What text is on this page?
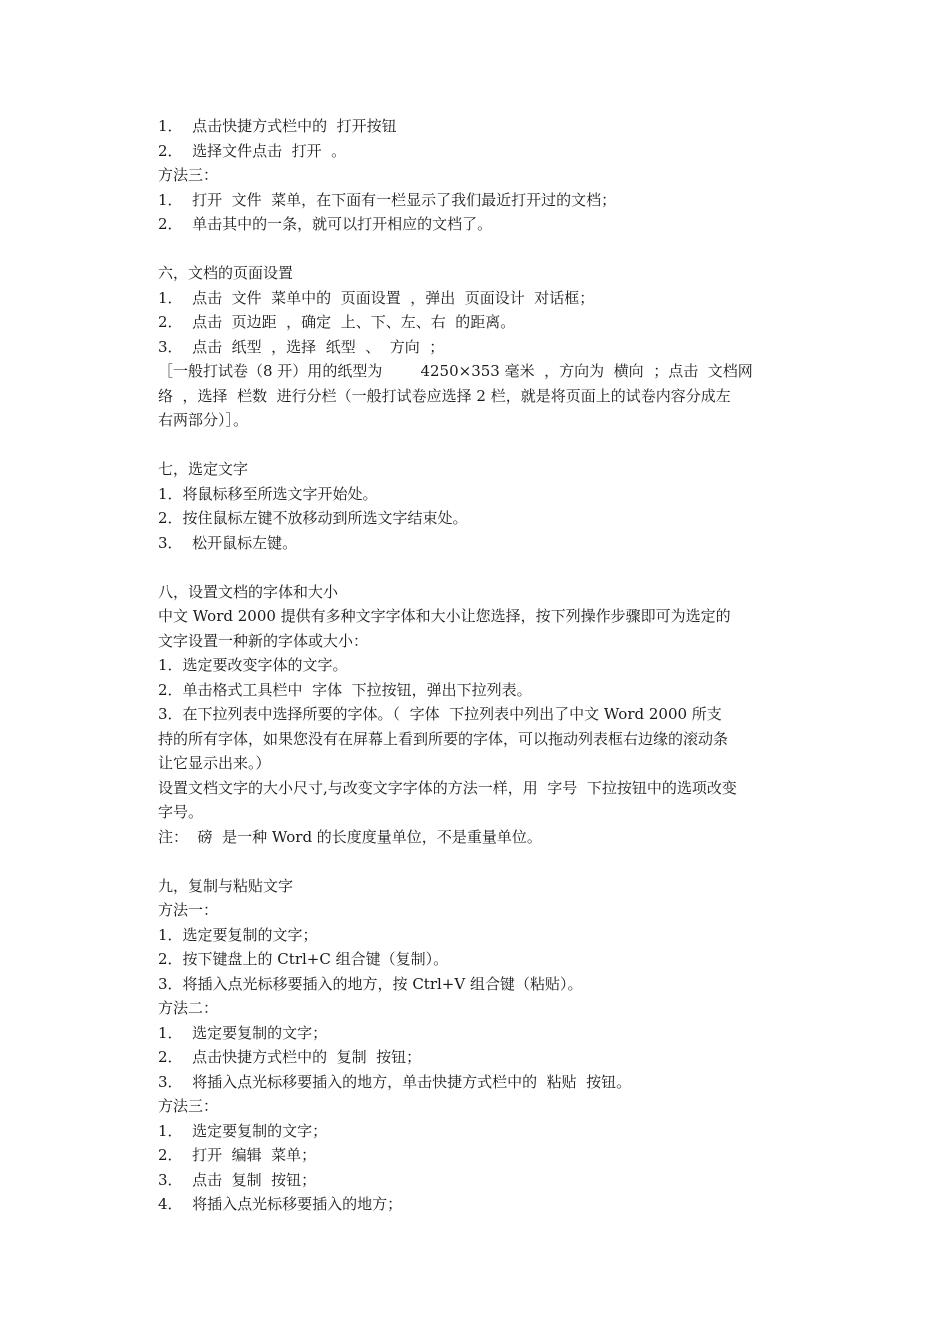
1．  点击快捷方式栏中的  打开按钮

2．  选择文件点击  打开  。

方法三：

1．  打开  文件  菜单，在下面有一栏显示了我们最近打开过的文档；

2．  单击其中的一条，就可以打开相应的文档了。

六，文档的页面设置

1．  点击  文件  菜单中的  页面设置  ，弹出  页面设计  对话框；

2．  点击  页边距  ，确定  上、下、左、右  的距离。

3．  点击  纸型  ，选择  纸型  、  方向  ；

［一般打试卷（8 开）用的纸型为        4250×353 毫米  ，方向为  横向  ；点击  文档网

络  ，选择  栏数  进行分栏（一般打试卷应选择 2 栏，就是将页面上的试卷内容分成左

右两部分）］。

七，选定文字

1．将鼠标移至所选文字开始处。

2．按住鼠标左键不放移动到所选文字结束处。

3．  松开鼠标左键。

八，设置文档的字体和大小

中文 Word 2000 提供有多种文字字体和大小让您选择，按下列操作步骤即可为选定的

文字设置一种新的字体或大小：

1．选定要改变字体的文字。

2．单击格式工具栏中  字体  下拉按钮，弹出下拉列表。

3．在下拉列表中选择所要的字体。（  字体  下拉列表中列出了中文 Word 2000 所支

持的所有字体，如果您没有在屏幕上看到所要的字体，可以拖动列表框右边缘的滚动条

让它显示出来。）

设置文档文字的大小尺寸,与改变文字字体的方法一样，用  字号  下拉按钮中的选项改变

字号。

注：  磅  是一种 Word 的长度度量单位，不是重量单位。

九，复制与粘贴文字

方法一：

1．选定要复制的文字；

2．按下键盘上的 Ctrl+C 组合键（复制）。

3．将插入点光标移要插入的地方，按 Ctrl+V 组合键（粘贴）。

方法二：

1．  选定要复制的文字；

2．  点击快捷方式栏中的  复制  按钮；

3．  将插入点光标移要插入的地方，单击快捷方式栏中的  粘贴  按钮。

方法三：

1．  选定要复制的文字；

2．  打开  编辑  菜单；

3．  点击  复制  按钮；

4．  将插入点光标移要插入的地方；
